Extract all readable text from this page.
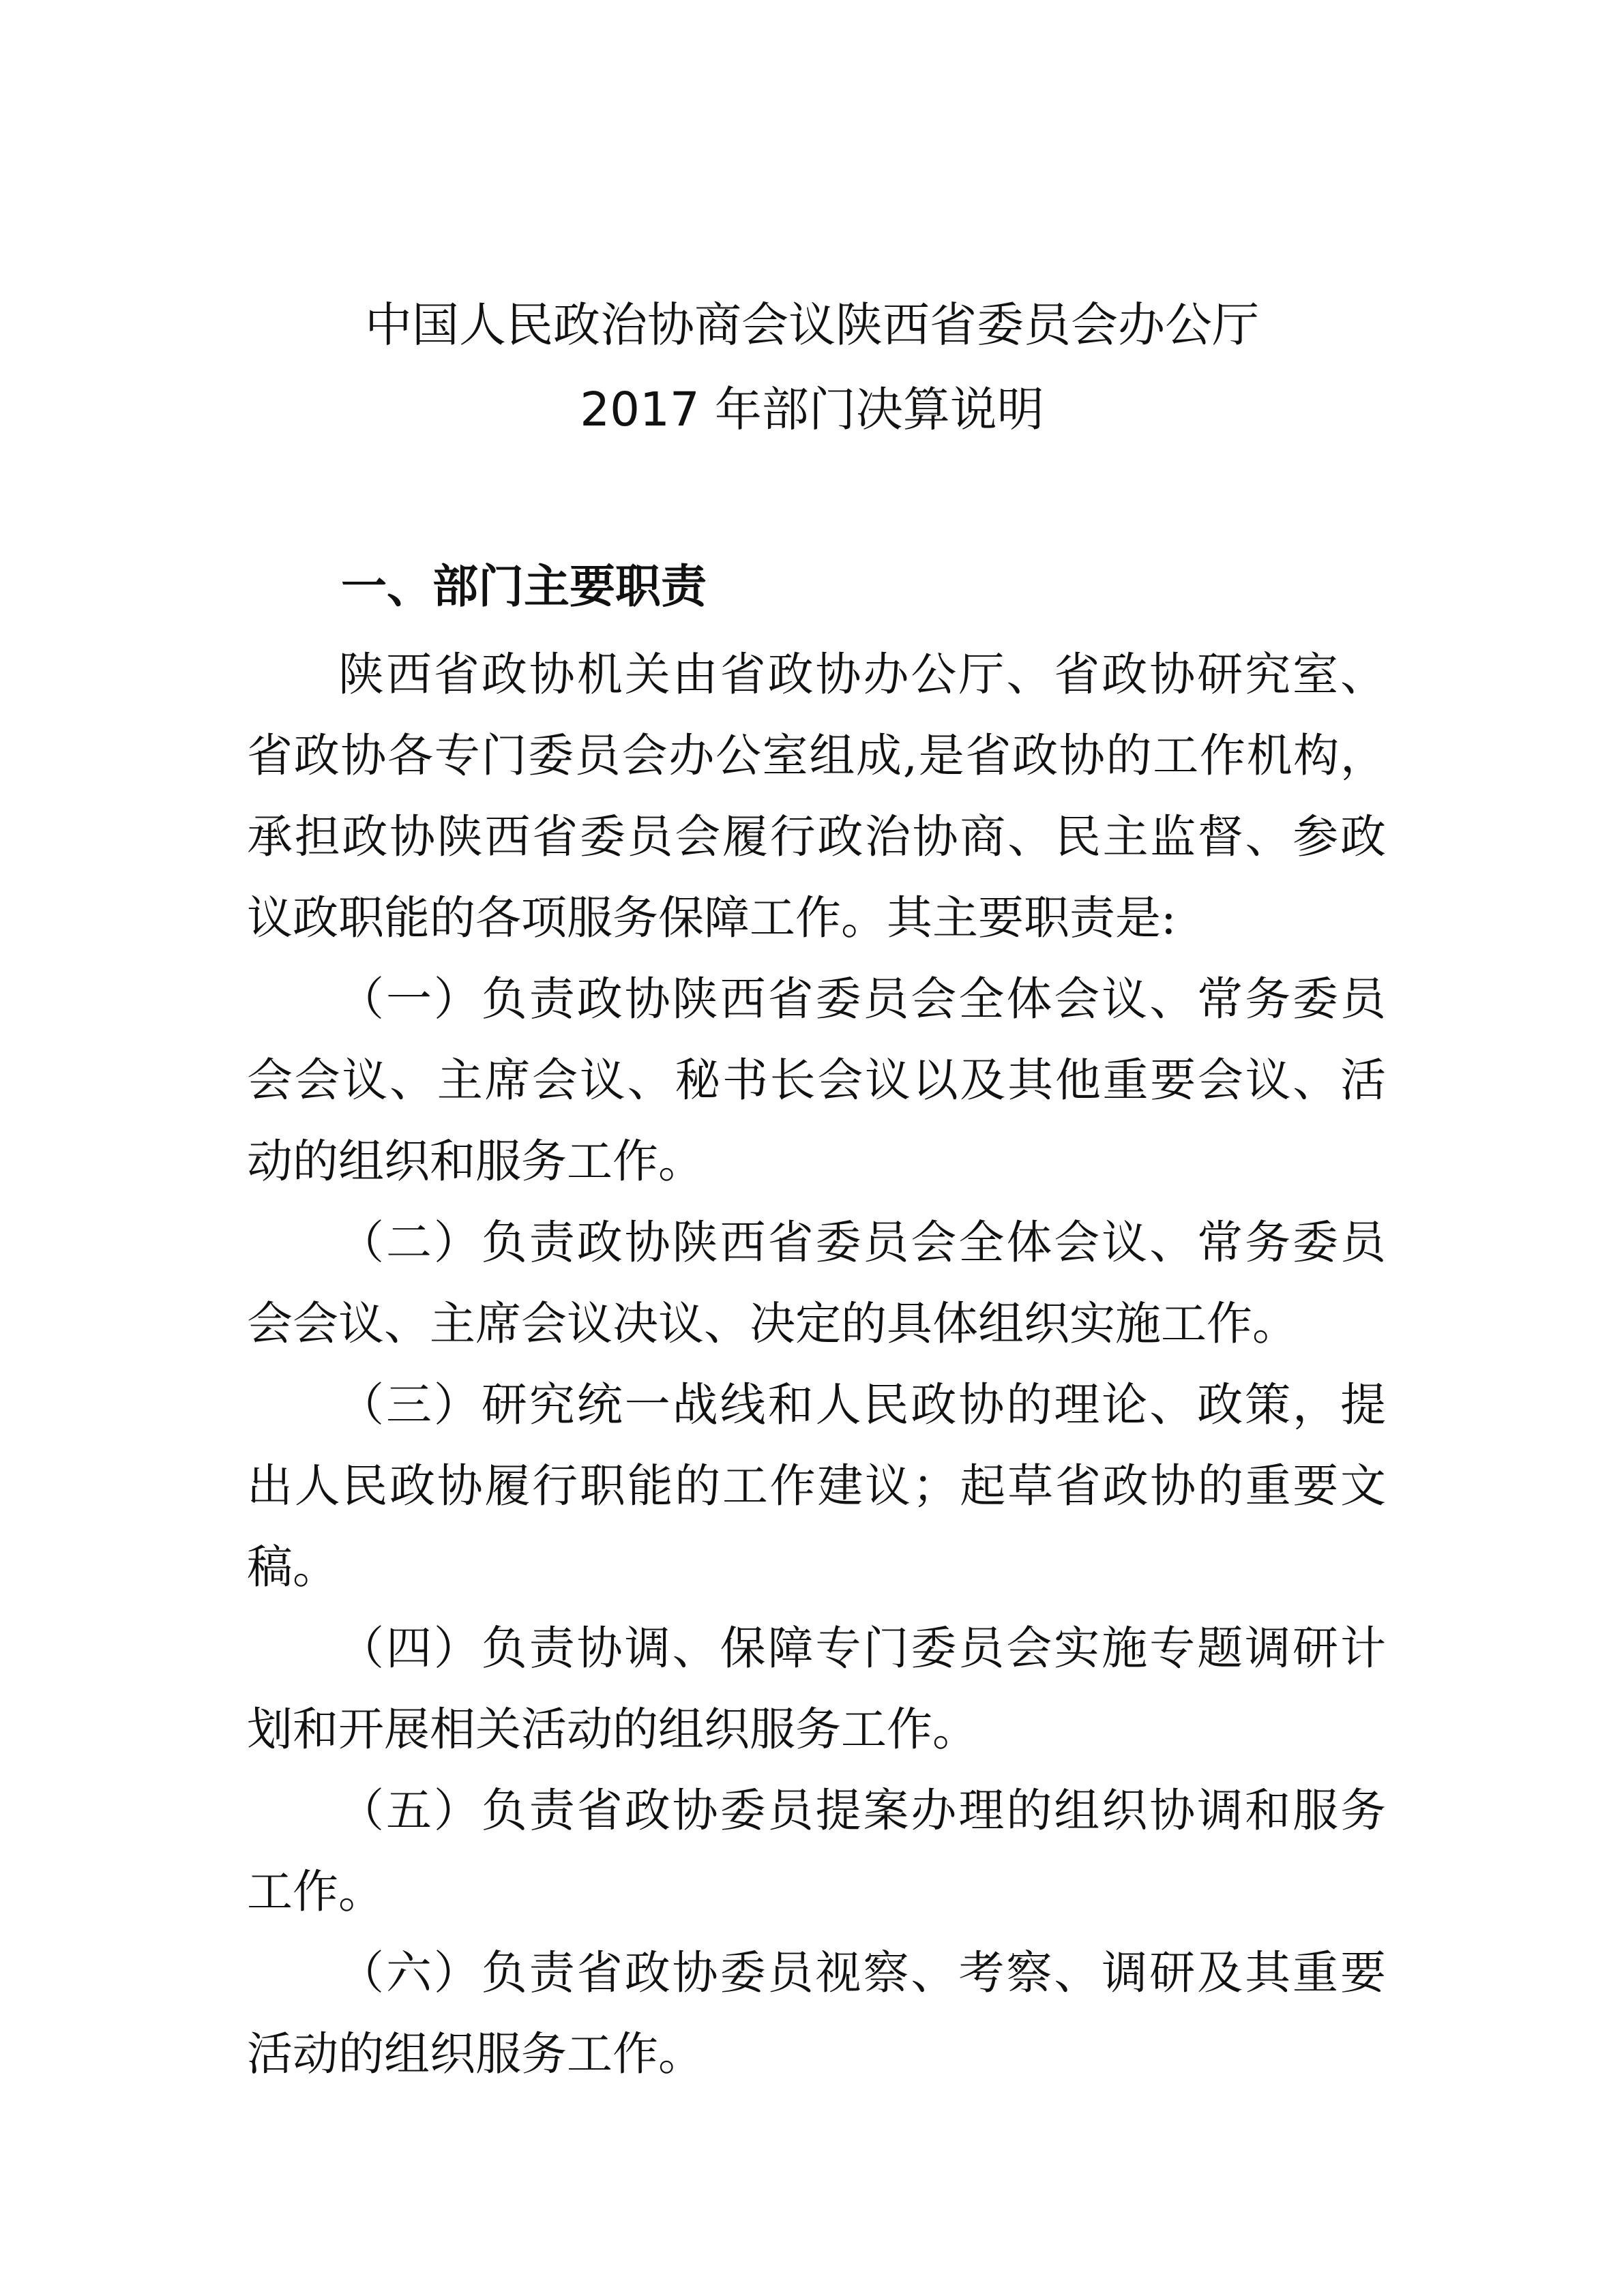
中国人民政治协商会议陕西省委员会办公厅
2017 年部门决算说明
一、部门主要职责

陕西省政协机关由省政协办公厅、省政协研究室、省政协各专门委员会办公室组成,是省政协的工作机构，承担政协陕西省委员会履行政治协商、民主监督、参政议政职能的各项服务保障工作。其主要职责是:

（一）负责政协陕西省委员会全体会议、常务委员会会议、主席会议、秘书长会议以及其他重要会议、活动的组织和服务工作。

（二）负责政协陕西省委员会全体会议、常务委员会会议、主席会议决议、决定的具体组织实施工作。

（三）研究统一战线和人民政协的理论、政策，提出人民政协履行职能的工作建议；起草省政协的重要文稿。

（四）负责协调、保障专门委员会实施专题调研计划和开展相关活动的组织服务工作。

（五）负责省政协委员提案办理的组织协调和服务工作。

（六）负责省政协委员视察、考察、调研及其重要活动的组织服务工作。
